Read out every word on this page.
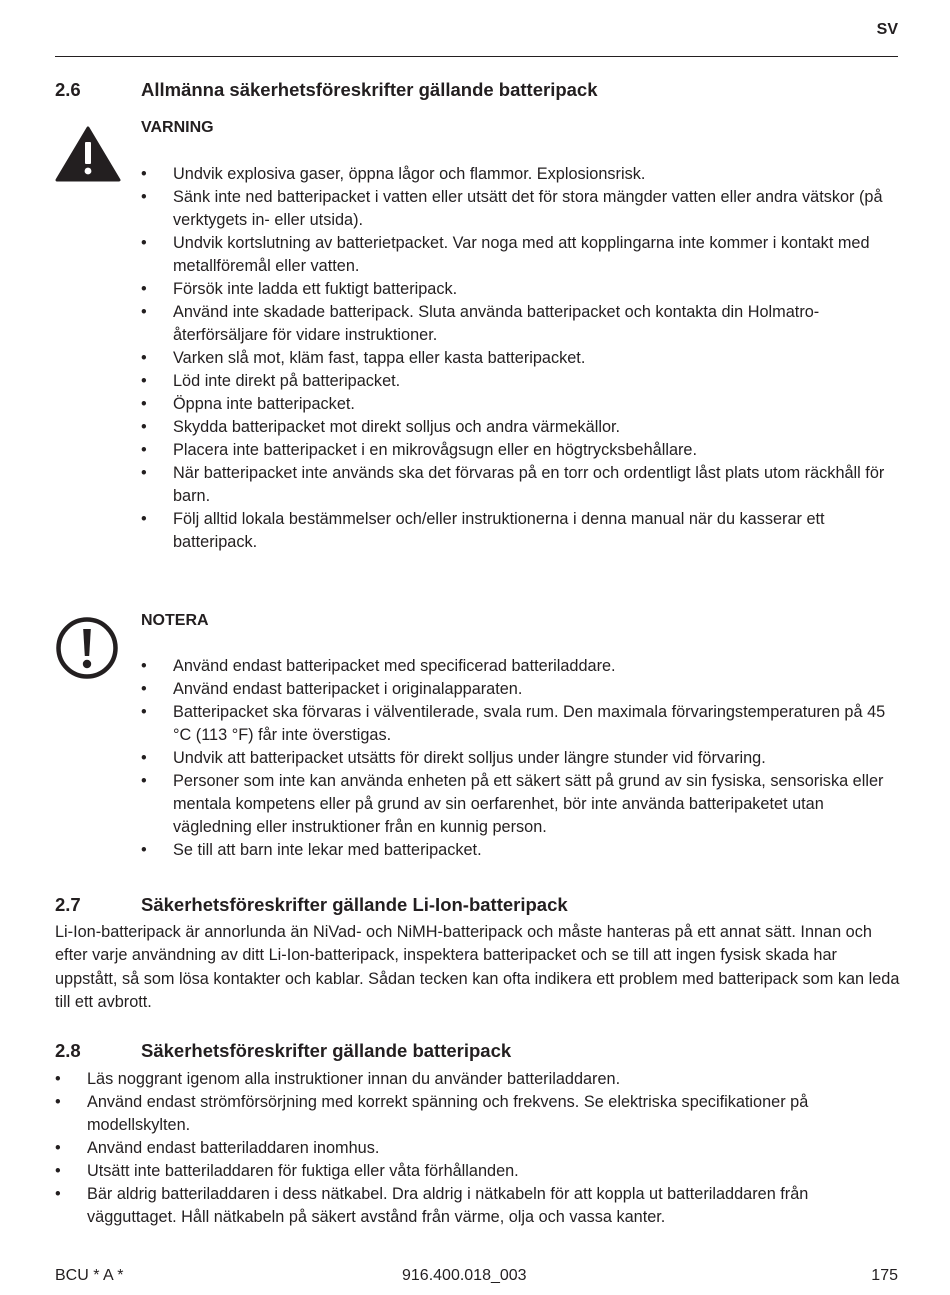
SV
2.6	Allmänna säkerhetsföreskrifter gällande batteripack
VARNING
• Undvik explosiva gaser, öppna lågor och flammor. Explosionsrisk.
• Sänk inte ned batteripacket i vatten eller utsätt det för stora mängder vatten eller andra vätskor (på verktygets in- eller utsida).
• Undvik kortslutning av batterietpacket. Var noga med att kopplingarna inte kommer i kontakt med metallföremål eller vatten.
• Försök inte ladda ett fuktigt batteripack.
• Använd inte skadade batteripack. Sluta använda batteripacket och kontakta din Holmatro-återförsäljare för vidare instruktioner.
• Varken slå mot, kläm fast, tappa eller kasta batteripacket.
• Löd inte direkt på batteripacket.
• Öppna inte batteripacket.
• Skydda batteripacket mot direkt solljus och andra värmekällor.
• Placera inte batteripacket i en mikrovågsugn eller en högtrycksbehållare.
• När batteripacket inte används ska det förvaras på en torr och ordentligt låst plats utom räckhåll för barn.
• Följ alltid lokala bestämmelser och/eller instruktionerna i denna manual när du kasserar ett batteripack.
NOTERA
• Använd endast batteripacket med specificerad batteriladdare.
• Använd endast batteripacket i originalapparaten.
• Batteripacket ska förvaras i välventilerade, svala rum. Den maximala förvaringstemperaturen på 45 °C (113 °F) får inte överstigas.
• Undvik att batteripacket utsätts för direkt solljus under längre stunder vid förvaring.
• Personer som inte kan använda enheten på ett säkert sätt på grund av sin fysiska, sensoriska eller mentala kompetens eller på grund av sin oerfarenhet, bör inte använda batteripaketet utan vägledning eller instruktioner från en kunnig person.
• Se till att barn inte lekar med batteripacket.
2.7	Säkerhetsföreskrifter gällande Li-Ion-batteripack

Li-Ion-batteripack är annorlunda än NiVad- och NiMH-batteripack och måste hanteras på ett annat sätt. Innan och efter varje användning av ditt Li-Ion-batteripack, inspektera batteripacket och se till att ingen fysisk skada har uppstått, så som lösa kontakter och kablar. Sådan tecken kan ofta indikera ett problem med batteripack som kan leda till ett avbrott.

2.8	Säkerhetsföreskrifter gällande batteripack
• Läs noggrant igenom alla instruktioner innan du använder batteriladdaren.
• Använd endast strömförsörjning med korrekt spänning och frekvens. Se elektriska specifikationer på modellskylten.
• Använd endast batteriladdaren inomhus.
• Utsätt inte batteriladdaren för fuktiga eller våta förhållanden.
• Bär aldrig batteriladdaren i dess nätkabel. Dra aldrig i nätkabeln för att koppla ut batteriladdaren från vägguttaget. Håll nätkabeln på säkert avstånd från värme, olja och vassa kanter.
BCU * A *	916.400.018_003	175
